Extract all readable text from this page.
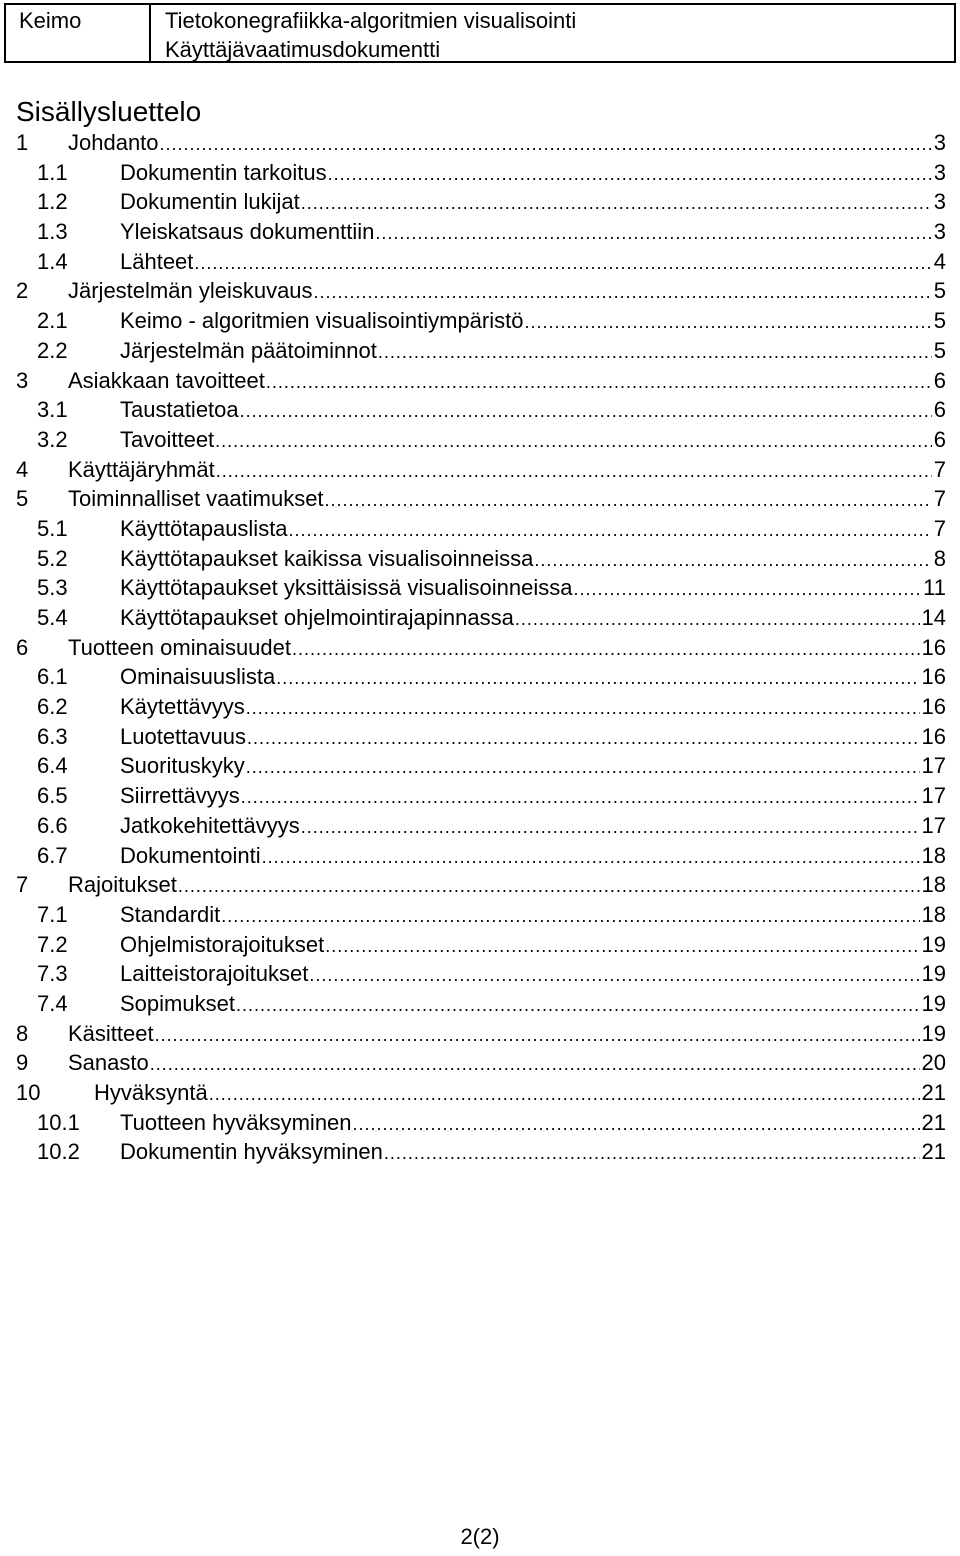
Keimo	Tietokonegrafiikka-algoritmien visualisointi
Käyttäjävaatimusdokumentti
Sisällysluettelo
1 Johdanto .....	3
1.1 Dokumentin tarkoitus .....	3
1.2 Dokumentin lukijat .....	3
1.3 Yleiskatsaus dokumenttiin .....	3
1.4 Lähteet .....	4
2 Järjestelmän yleiskuvaus .....	5
2.1 Keimo - algoritmien visualisointiympäristö .....	5
2.2 Järjestelmän päätoiminnot .....	5
3 Asiakkaan tavoitteet .....	6
3.1 Taustatietoa .....	6
3.2 Tavoitteet .....	6
4 Käyttäjäryhmät .....	7
5 Toiminnalliset vaatimukset .....	7
5.1 Käyttötapauslista .....	7
5.2 Käyttötapaukset kaikissa visualisoinneissa .....	8
5.3 Käyttötapaukset yksittäisissä visualisoinneissa .....	11
5.4 Käyttötapaukset ohjelmointirajapinnassa .....	14
6 Tuotteen ominaisuudet .....	16
6.1 Ominaisuuslista .....	16
6.2 Käytettävyys .....	16
6.3 Luotettavuus .....	16
6.4 Suorituskyky .....	17
6.5 Siirrettävyys .....	17
6.6 Jatkokehitettävyys .....	17
6.7 Dokumentointi .....	18
7 Rajoitukset .....	18
7.1 Standardit .....	18
7.2 Ohjelmistorajoitukset .....	19
7.3 Laitteistorajoitukset .....	19
7.4 Sopimukset .....	19
8 Käsitteet .....	19
9 Sanasto .....	20
10 Hyväksyntä .....	21
10.1 Tuotteen hyväksyminen .....	21
10.2 Dokumentin hyväksyminen .....	21
2(2)
